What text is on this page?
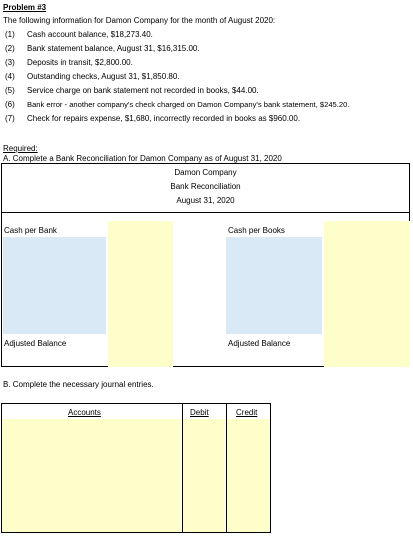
Problem #3
The following information for Damon Company for the month of August 2020:
(1)	Cash account balance, $18,273.40.
(2)	Bank statement balance, August 31, $16,315.00.
(3)	Deposits in transit, $2,800.00.
(4)	Outstanding checks, August 31, $1,850.80.
(5)	Service charge on bank statement not recorded in books, $44.00.
(6)	Bank error - another company's check charged on Damon Company's bank statement, $245.20.
(7)	Check for repairs expense, $1,680, incorrectly recorded in books as $960.00.
Required:
A. Complete a Bank Reconciliation for Damon Company as of August 31, 2020
Damon Company
Bank Reconciliation
August 31, 2020
Cash per Bank	Cash per Books
Adjusted Balance	Adjusted Balance
B. Complete the necessary journal entries.
Accounts	Debit	Credit
